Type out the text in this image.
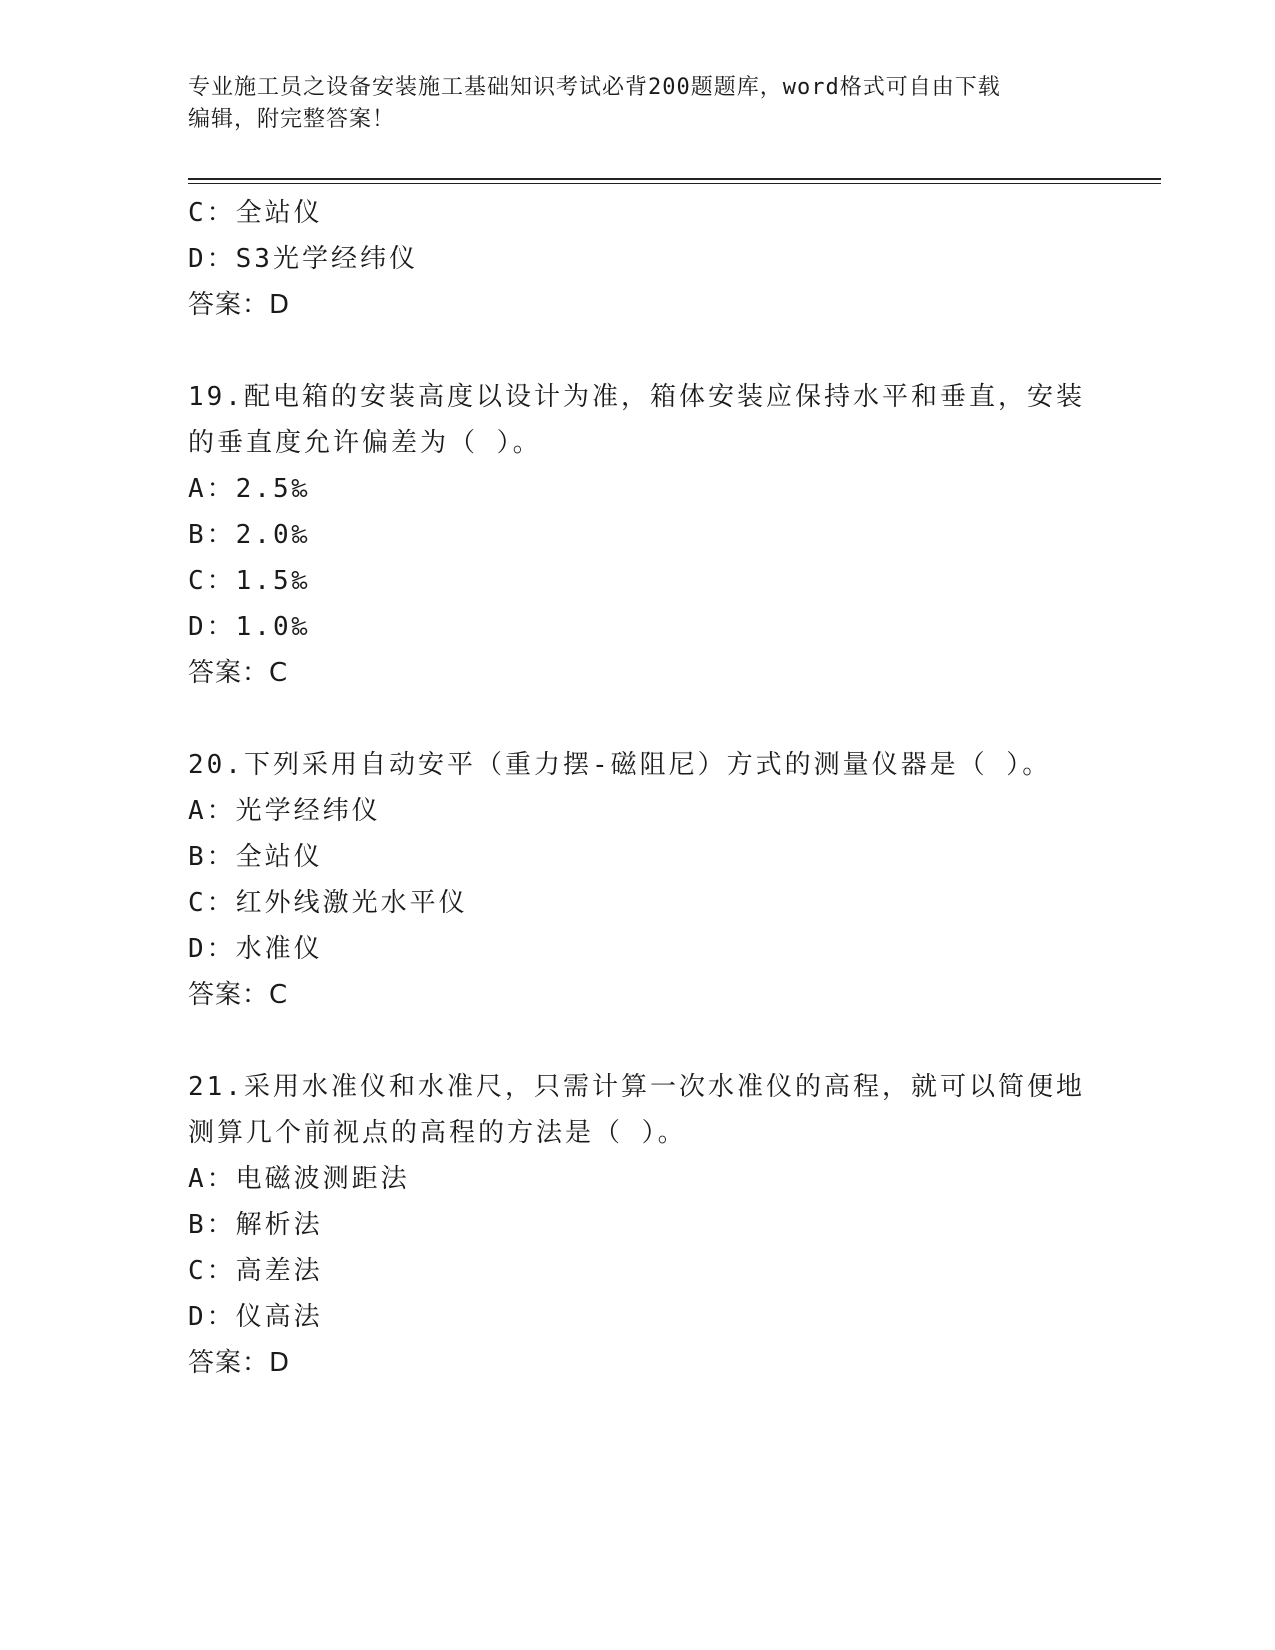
专业施工员之设备安装施工基础知识考试必背200题题库，word格式可自由下载
编辑，附完整答案！
C：全站仪
D：S3光学经纬仪
答案：D
19.配电箱的安装高度以设计为准，箱体安装应保持水平和垂直，安装
的垂直度允许偏差为（ ）。
A：2.5‰
B：2.0‰
C：1.5‰
D：1.0‰
答案：C
20.下列采用自动安平（重力摆-磁阻尼）方式的测量仪器是（ ）。
A：光学经纬仪
B：全站仪
C：红外线激光水平仪
D：水准仪
答案：C
21.采用水准仪和水准尺，只需计算一次水准仪的高程，就可以简便地
测算几个前视点的高程的方法是（ ）。
A：电磁波测距法
B：解析法
C：高差法
D：仪高法
答案：D
